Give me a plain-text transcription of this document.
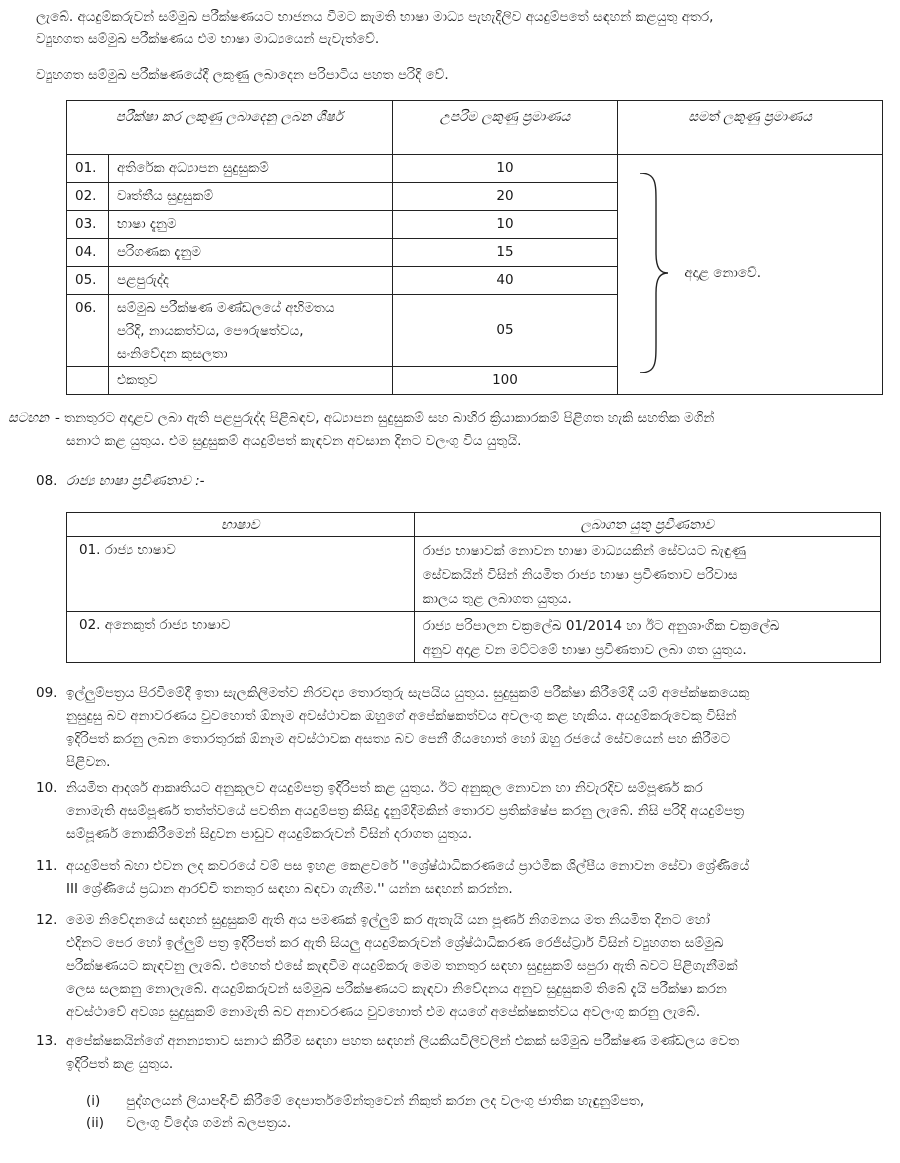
ලැබේ. අයදුම්කරුවන් සම්මුඛ පරීක්ෂණයට භාජනය වීමට කැමති භාෂා මාධ්‍ය පැහැදිලිව අයදුම්පතේ සඳහන් කළයුතු අතර,

ව්‍යුහගත සම්මුඛ පරීක්ෂණය එම භාෂා මාධ්‍යයෙන් පැවැත්වේ.

ව්‍යුහගත සම්මුඛ පරීක්ෂණයේදී ලකුණු ලබාදෙන පරිපාටිය පහත පරිදි වේ.

පරීක්ෂා කර ලකුණු ලබාදෙනු ලබන ශීර්ෂ		උපරිම ලකුණු ප්‍රමාණය	සමත් ලකුණු ප්‍රමාණය
01.	අතිරේක අධ්‍යාපන සුදුසුකම්	10	අදාළ නොවේ.

02.	වෘත්තීය සුදුසුකම්	20	
03.	භාෂා දැනුම	10	
04.	පරිගණක දැනුම	15	
05.	පළපුරුද්ද	40	
06.	සම්මුඛ පරීක්ෂණ මණ්ඩලයේ අභිමතය
පරිදි, නායකත්වය, පෞරුෂත්වය,
සංනිවේදන කුසලතා	05	
	එකතුව	100	
සටහන - තනතුරට අදාළව ලබා ඇති පළපුරුද්ද පිළිබඳව, අධ්‍යාපන සුදුසුකම් සහ බාහිර ක්‍රියාකාරකම් පිළිගත හැකි සහතික මගින්

සනාථ කළ යුතුය. එම සුදුසුකම් අයදුම්පත් කැඳවන අවසාන දිනට වලංගු විය යුතුයි.

08. රාජ්‍ය භාෂා ප්‍රවීණතාව :-
භාෂාව	ලබාගත යුතු ප්‍රවීණතාව
01. රාජ්‍ය භාෂාව	රාජ්‍ය භාෂාවක් නොවන භාෂා මාධ්‍යයකින් සේවයට බැඳුණු
සේවකයින් විසින් නියමිත රාජ්‍ය භාෂා ප්‍රවීණතාව පරිවාස
කාලය තුළ ලබාගත යුතුය.

02. අනෙකුත් රාජ්‍ය භාෂාව	රාජ්‍ය පරිපාලන චක්‍රලේඛ 01/2014 හා ඊට අනුශාංගික චක්‍රලේඛ
අනුව අදාළ වන මට්ටමේ භාෂා ප්‍රවීණතාව ලබා ගත යුතුය.
09. ඉල්ලුම්පත්‍රය පිරවීමේදී ඉතා සැලකිලිමත්ව නිරවද්‍ය තොරතුරු සැපයිය යුතුය. සුදුසුකම් පරීක්ෂා කිරීමේදී යම් අපේක්ෂකයෙකු

නුසුදුසු බව අනාවරණය වුවහොත් ඕනෑම අවස්ථාවක ඔහුගේ අපේක්ෂකත්වය අවලංගු කළ හැකිය. අයදුම්කරුවෙකු විසින්

ඉදිරිපත් කරනු ලබන තොරතුරක් ඕනෑම අවස්ථාවක අසත්‍ය බව පෙනී ගියහොත් හෝ ඔහු රජයේ සේවයෙන් පහ කිරීමට

පිළිවන.

10. නියමිත ආදර්ශ ආකෘතියට අනුකූලව අයදුම්පත්‍ර ඉදිරිපත් කළ යුතුය. ඊට අනුකූල නොවන හා නිවැරදිව සම්පූර්ණ කර

නොමැති අසම්පූර්ණ තත්ත්වයේ පවතින අයදුම්පත්‍ර කිසිදු දැනුම්දීමකින් තොරව ප්‍රතික්ෂේප කරනු ලැබේ. නිසි පරිදි අයදුම්පත්‍ර

සම්පූර්ණ නොකිරීමෙන් සිදුවන පාඩුව අයදුම්කරුවන් විසින් දරාගත යුතුය.

11. අයදුම්පත් බහා එවන ලද කවරයේ වම් පස ඉහළ කෙළවරේ ''ශ්‍රේෂ්ඨාධිකරණයේ ප්‍රාථමික ශිල්පීය නොවන සේවා ශ්‍රේණියේ

III ශ්‍රේණියේ ප්‍රධාන ආරච්චි තනතුර සඳහා බඳවා ගැනීම.'' යන්න සඳහන් කරන්න.

12. මෙම නිවේදනයේ සඳහන් සුදුසුකම් ඇති අය පමණක් ඉල්ලුම් කර ඇතැයි යන පූර්ණ නිගමනය මත නියමිත දිනට හෝ

එදිනට පෙර හෝ ඉල්ලුම් පත්‍ර ඉදිරිපත් කර ඇති සියලු අයදුම්කරුවන් ශ්‍රේෂ්ඨාධිකරණ රෙජිස්ට්‍රාර් විසින් ව්‍යුහගත සම්මුඛ

පරීක්ෂණයට කැඳවනු ලැබේ. එහෙත් එසේ කැඳවීම අයදුම්කරු මෙම තනතුර සඳහා සුදුසුකම් සපුරා ඇති බවට පිළිගැනීමක්

ලෙස සලකනු නොලැබේ. අයදුම්කරුවන් සම්මුඛ පරීක්ෂණයට කැඳවා නිවේදනය අනුව සුදුසුකම් තිබේ දැයි පරීක්ෂා කරන

අවස්ථාවේ අවශ්‍ය සුදුසුකම් නොමැති බව අනාවරණය වුවහොත් එම අයගේ අපේක්ෂකත්වය අවලංගු කරනු ලැබේ.

13. අපේක්ෂකයින්ගේ අනන්‍යතාව සනාථ කිරීම සඳහා පහත සඳහන් ලියකියවිලිවලින් එකක් සම්මුඛ පරීක්ෂණ මණ්ඩලය වෙත

ඉදිරිපත් කළ යුතුය.

(i) පුද්ගලයන් ලියාපදිංචි කිරීමේ දෙපාර්තමේන්තුවෙන් නිකුත් කරන ලද වලංගු ජාතික හැඳුනුම්පත,
(ii) වලංගු විදේශ ගමන් බලපත්‍රය.
